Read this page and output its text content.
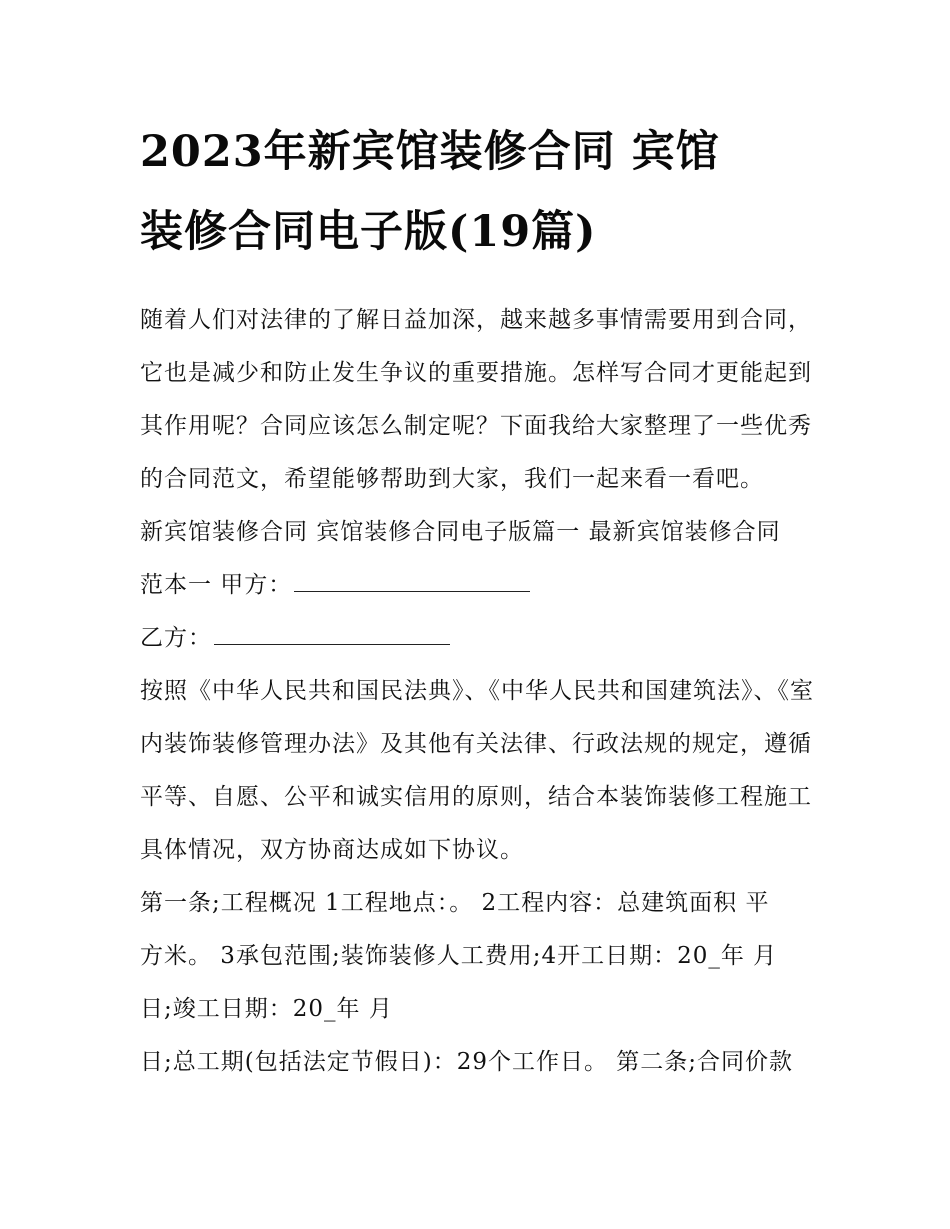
2023年新宾馆装修合同 宾馆
装修合同电子版(19篇)

随着人们对法律的了解日益加深，越来越多事情需要用到合同，它也是减少和防止发生争议的重要措施。怎样写合同才更能起到其作用呢？合同应该怎么制定呢？下面我给大家整理了一些优秀的合同范文，希望能够帮助到大家，我们一起来看一看吧。

新宾馆装修合同 宾馆装修合同电子版篇一 最新宾馆装修合同
范本一 甲方：

乙方：

按照《中华人民共和国民法典》、《中华人民共和国建筑法》、《室内装饰装修管理办法》及其他有关法律、行政法规的规定，遵循平等、自愿、公平和诚实信用的原则，结合本装饰装修工程施工具体情况，双方协商达成如下协议。

第一条;工程概况 1工程地点：。 2工程内容：总建筑面积 平
方米。 3承包范围;装饰装修人工费用;4开工日期：20_年 月
日;竣工日期：20_年 月

日;总工期(包括法定节假日)：29个工作日。 第二条;合同价款
